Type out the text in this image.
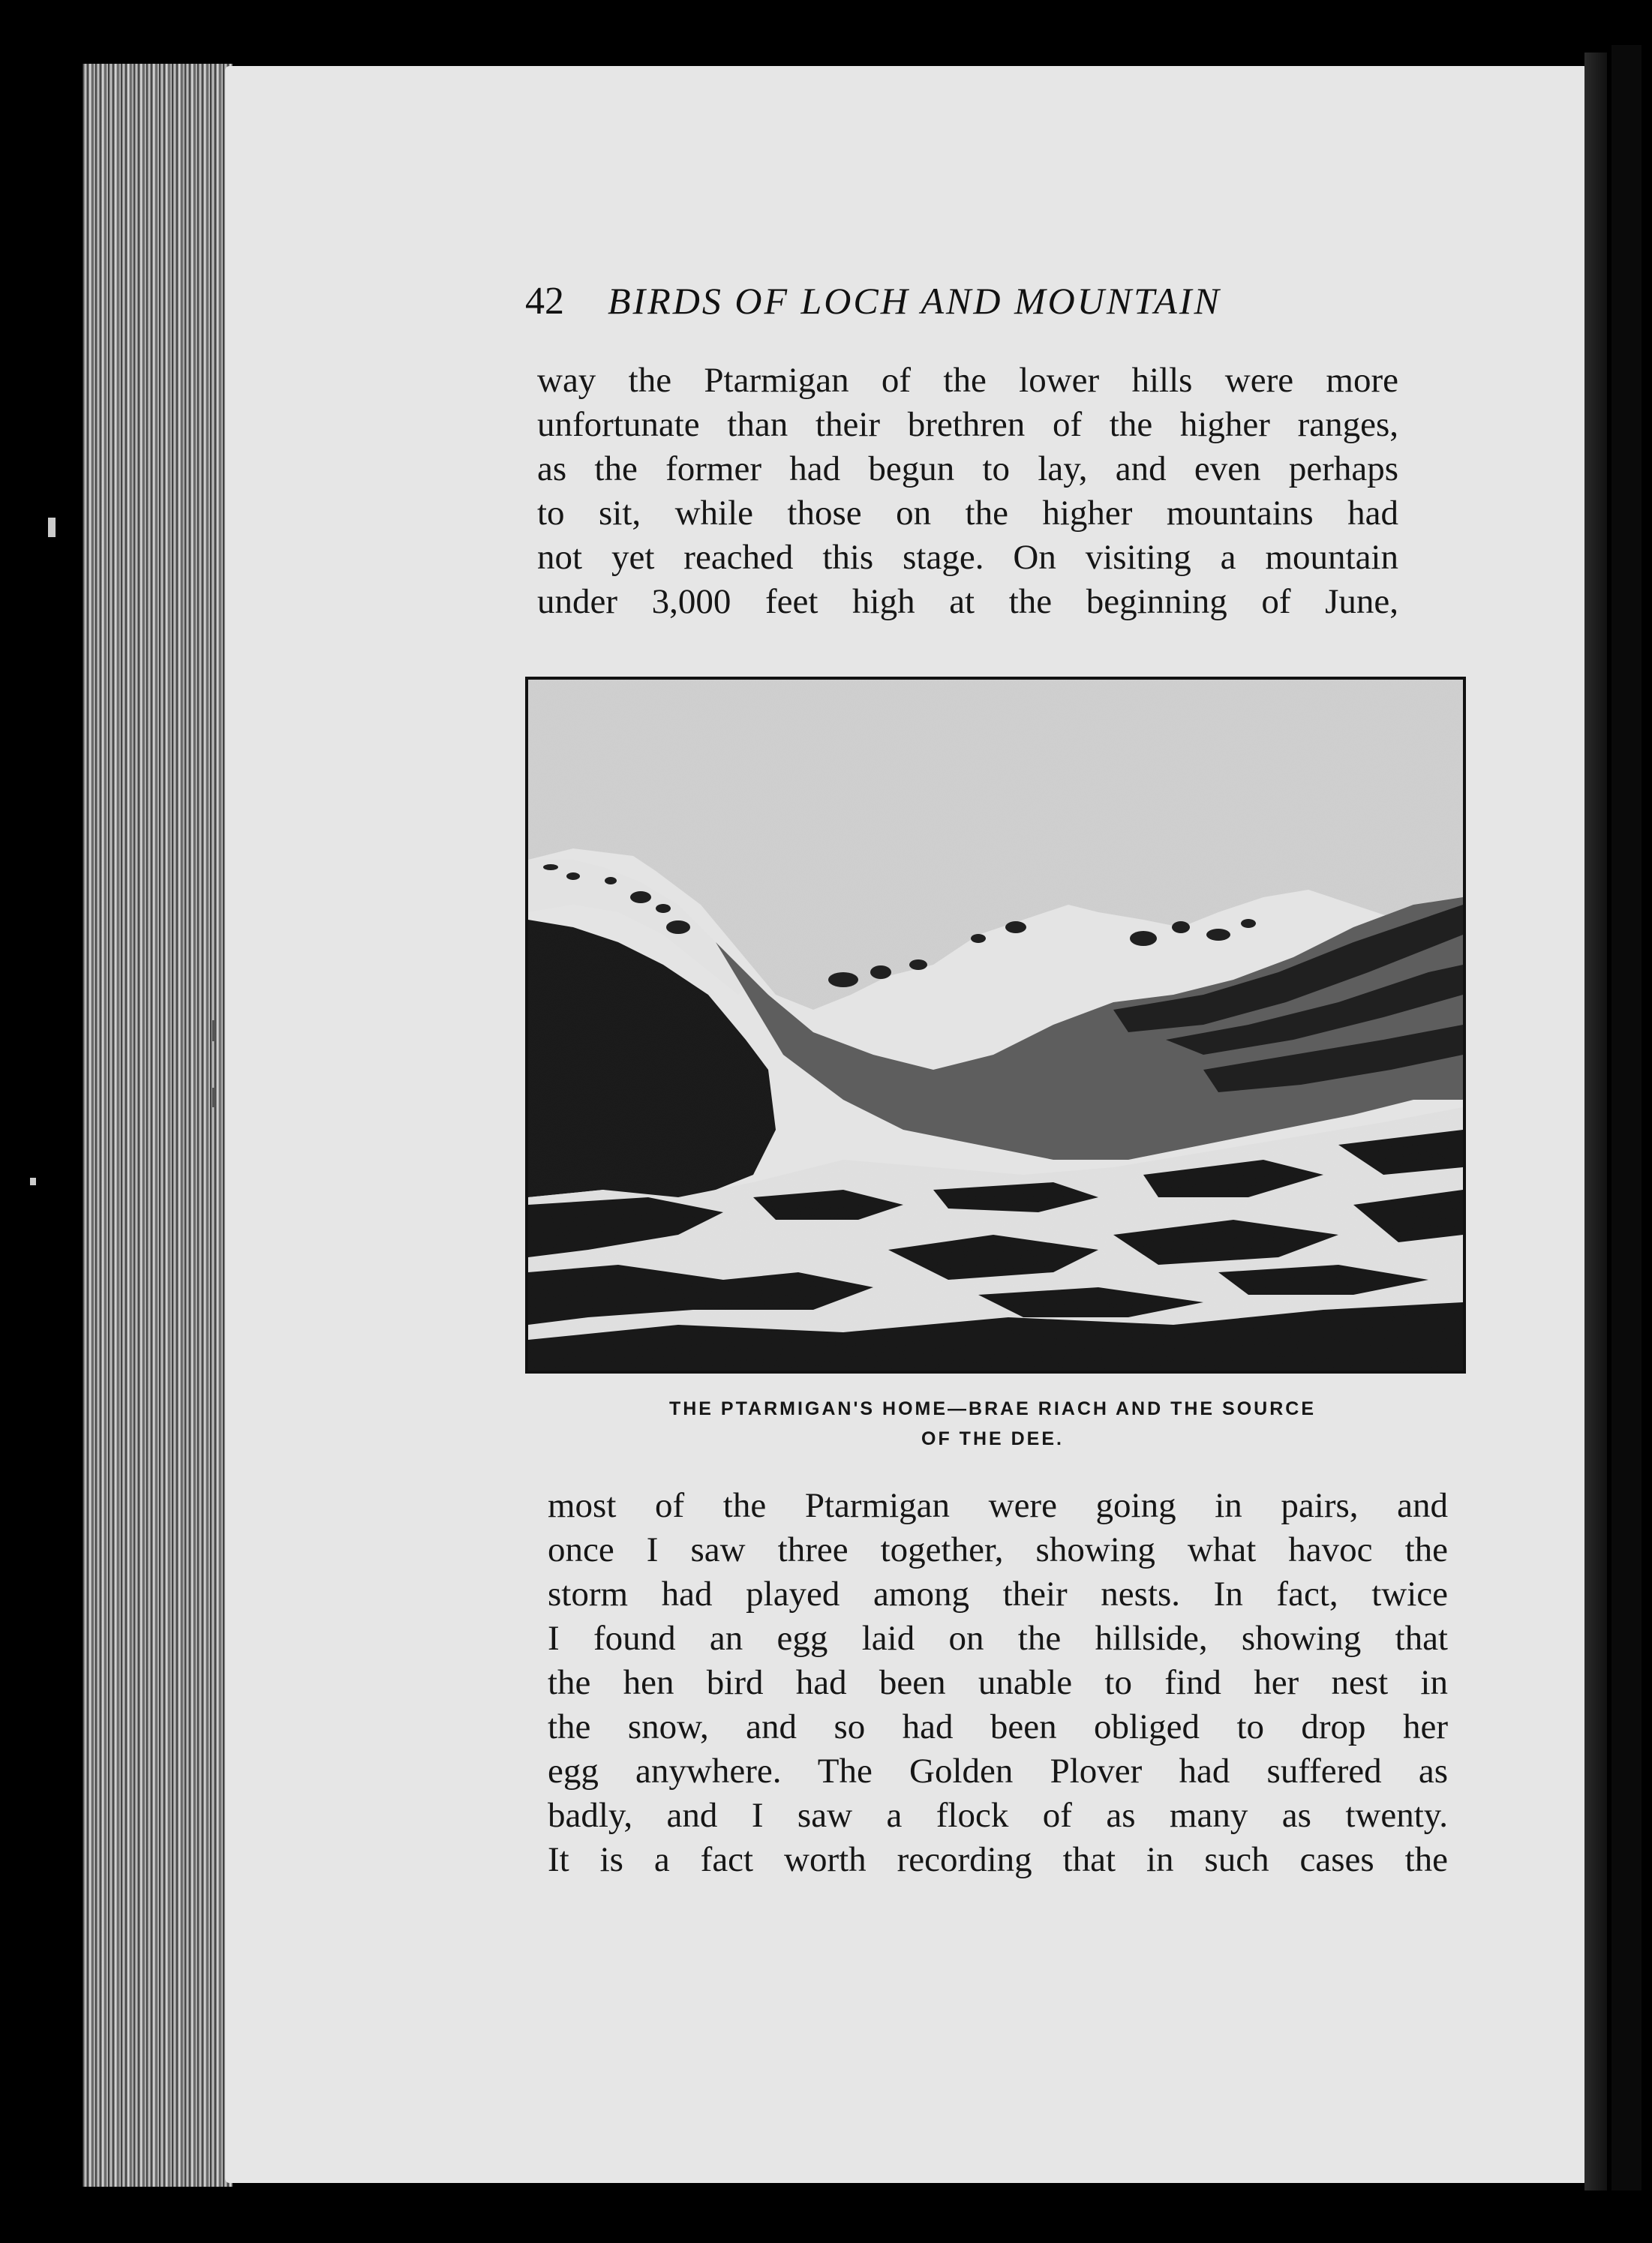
42 BIRDS OF LOCH AND MOUNTAIN
way the Ptarmigan of the lower hills were more
unfortunate than their brethren of the higher ranges,
as the former had begun to lay, and even perhaps
to sit, while those on the higher mountains had
not yet reached this stage. On visiting a mountain
under 3,000 feet high at the beginning of June,
THE PTARMIGAN'S HOME—BRAE RIACH AND THE SOURCE
OF THE DEE.
most of the Ptarmigan were going in pairs, and
once I saw three together, showing what havoc the
storm had played among their nests. In fact, twice
I found an egg laid on the hillside, showing that
the hen bird had been unable to find her nest in
the snow, and so had been obliged to drop her
egg anywhere. The Golden Plover had suffered as
badly, and I saw a flock of as many as twenty.
It is a fact worth recording that in such cases the
